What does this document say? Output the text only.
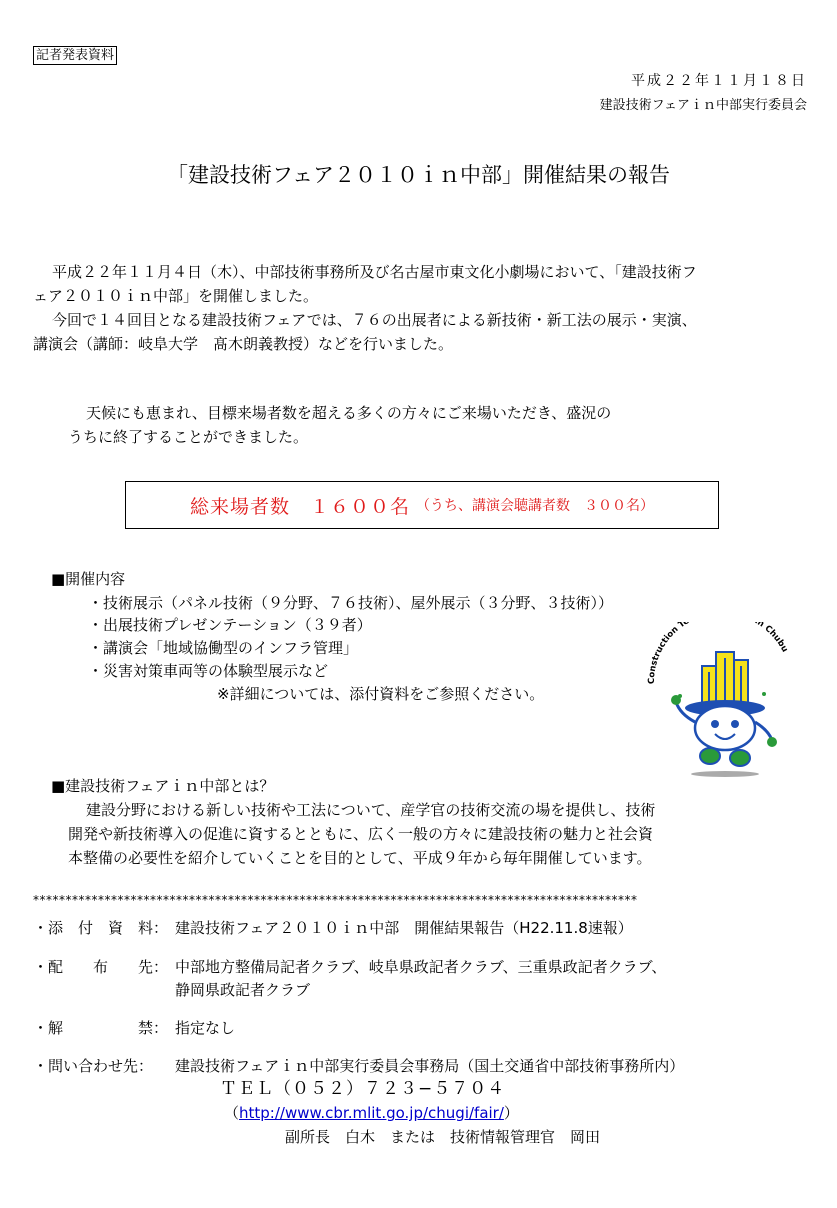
記者発表資料
平成２２年１１月１８日
建設技術フェアｉｎ中部実行委員会
「建設技術フェア２０１０ｉｎ中部」開催結果の報告
平成２２年１１月４日（木）、中部技術事務所及び名古屋市東文化小劇場において、「建設技術フ
ェア２０１０ｉｎ中部」を開催しました。
今回で１４回目となる建設技術フェアでは、７６の出展者による新技術・新工法の展示・実演、
講演会（講師：岐阜大学　髙木朗義教授）などを行いました。
天候にも恵まれ、目標来場者数を超える多くの方々にご来場いただき、盛況の
うちに終了することができました。
総来場者数　１６００名 （うち、講演会聴講者数　３００名）
■開催内容
・技術展示（パネル技術（９分野、７６技術）、屋外展示（３分野、３技術））
・出展技術プレゼンテーション（３９者）
・講演会「地域協働型のインフラ管理」
・災害対策車両等の体験型展示など
※詳細については、添付資料をご参照ください。
Construction T n Chubu
■建設技術フェアｉｎ中部とは？
建設分野における新しい技術や工法について、産学官の技術交流の場を提供し、技術
開発や新技術導入の促進に資するとともに、広く一般の方々に建設技術の魅力と社会資
本整備の必要性を紹介していくことを目的として、平成９年から毎年開催しています。
*********************************************************************************************
・添　付　資　料： 建設技術フェア２０１０ｉｎ中部　開催結果報告（H22.11.8速報）
・配　　布　　先： 中部地方整備局記者クラブ、岐阜県政記者クラブ、三重県政記者クラブ、
静岡県政記者クラブ
・解　　　　　禁： 指定なし
・問い合わせ先： 建設技術フェアｉｎ中部実行委員会事務局（国土交通省中部技術事務所内）
ＴＥＬ（０５２）７２３−５７０４
（http://www.cbr.mlit.go.jp/chugi/fair/）
副所長　白木　または　技術情報管理官　岡田
